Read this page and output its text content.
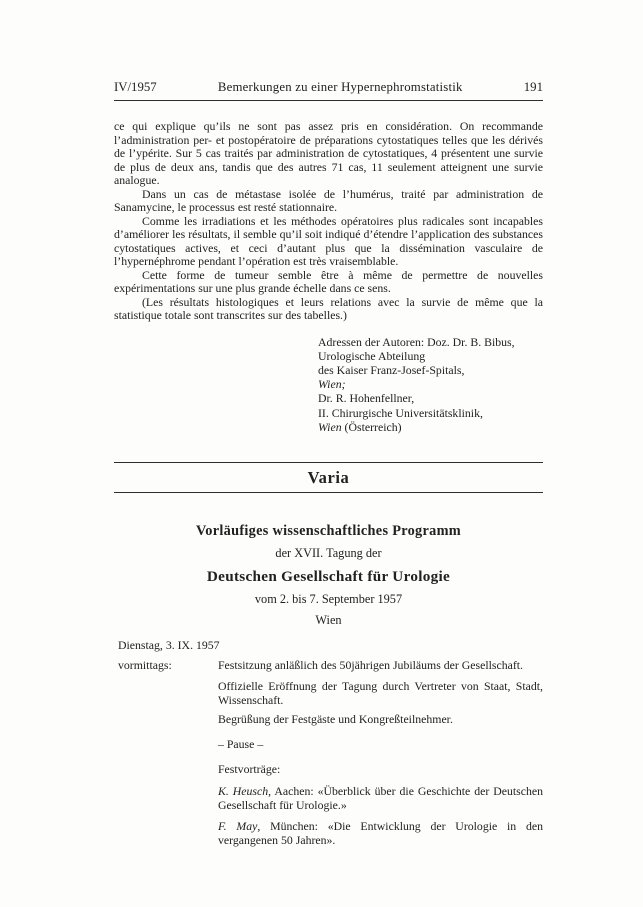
IV/1957	Bemerkungen zu einer Hypernephromstatistik	191

ce qui explique qu’ils ne sont pas assez pris en considération. On recommande l’administration per- et postopératoire de préparations cytostatiques telles que les dérivés de l’ypérite. Sur 5 cas traités par administration de cytostatiques, 4 présentent une survie de plus de deux ans, tandis que des autres 71 cas, 11 seulement atteignent une survie analogue.

Dans un cas de métastase isolée de l’humérus, traité par administration de Sanamycine, le processus est resté stationnaire.

Comme les irradiations et les méthodes opératoires plus radicales sont incapables d’améliorer les résultats, il semble qu’il soit indiqué d’étendre l’application des substances cytostatiques actives, et ceci d’autant plus que la dissémination vasculaire de l’hypernéphrome pendant l’opération est très vraisemblable.

Cette forme de tumeur semble être à même de permettre de nouvelles expérimentations sur une plus grande échelle dans ce sens.

(Les résultats histologiques et leurs relations avec la survie de même que la statistique totale sont transcrites sur des tabelles.)

Adressen der Autoren: Doz. Dr. B. Bibus,
Urologische Abteilung
des Kaiser Franz-Josef-Spitals,
Wien;
Dr. R. Hohenfellner,
II. Chirurgische Universitätsklinik,
Wien (Österreich)
Varia
Vorläufiges wissenschaftliches Programm
der XVII. Tagung der
Deutschen Gesellschaft für Urologie
vom 2. bis 7. September 1957
Wien
Dienstag, 3. IX. 1957
vormittags:	Festsitzung anläßlich des 50jährigen Jubiläums der Gesellschaft.

Offizielle Eröffnung der Tagung durch Vertreter von Staat, Stadt, Wissenschaft.

Begrüßung der Festgäste und Kongreßteilnehmer.

– Pause –

Festvorträge:

K. Heusch, Aachen: «Überblick über die Geschichte der Deutschen Gesellschaft für Urologie.»

F. May, München: «Die Entwicklung der Urologie in den vergangenen 50 Jahren».
